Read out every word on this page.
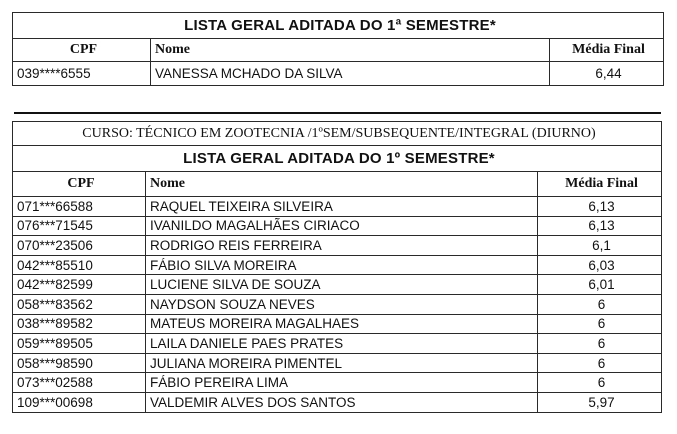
LISTA GERAL ADITADA DO 1ª SEMESTRE*		
CPF	Nome	Média Final
039****6555	VANESSA MCHADO DA SILVA	6,44
CURSO: TÉCNICO EM ZOOTECNIA /1ºSEM/SUBSEQUENTE/INTEGRAL (DIURNO)		
LISTA GERAL ADITADA DO 1º SEMESTRE*		
CPF	Nome	Média Final
071***66588	RAQUEL TEIXEIRA SILVEIRA	6,13
076***71545	IVANILDO MAGALHÃES CIRIACO	6,13
070***23506	RODRIGO REIS FERREIRA	6,1
042***85510	FÁBIO SILVA MOREIRA	6,03
042***82599	LUCIENE SILVA DE SOUZA	6,01
058***83562	NAYDSON SOUZA NEVES	6
038***89582	MATEUS MOREIRA MAGALHAES	6
059***89505	LAILA DANIELE PAES PRATES	6
058***98590	JULIANA MOREIRA PIMENTEL	6
073***02588	FÁBIO PEREIRA LIMA	6
109***00698	VALDEMIR ALVES DOS SANTOS	5,97
